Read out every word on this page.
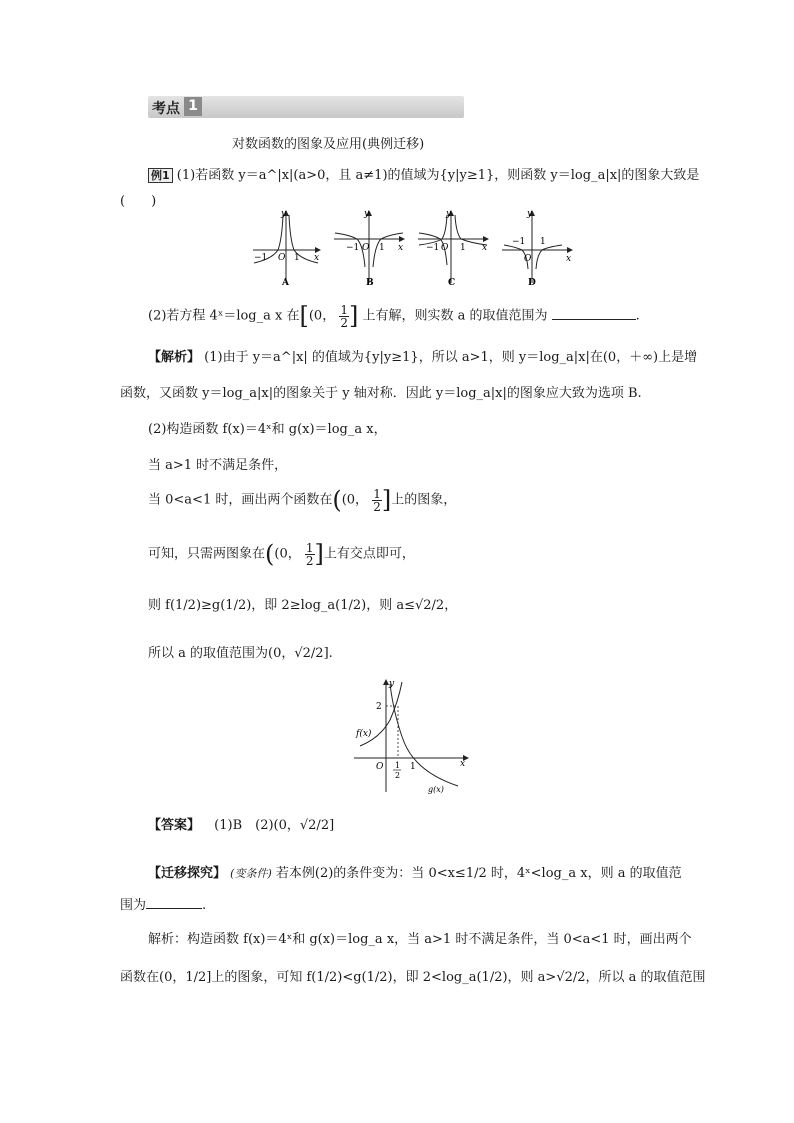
考点 1
对数函数的图象及应用(典例迁移)
例1 (1)若函数 y＝a^|x|(a>0，且 a≠1)的值域为{y|y≥1}，则函数 y＝log_a|x|的图象大致是
(　　)
y
−1 O 1 x
A
y
−1 O 1 x
B
y
−1 O 1 x
C
y
−1
O
1
x
D
(2)若方程 4ˣ＝log_a x 在[(0， $\frac{1}{2}$ ] 上有解，则实数 a 的取值范围为	.
【解析】 (1)由于 y＝a^|x| 的值域为{y|y≥1}，所以 a>1，则 y＝log_a|x|在(0，＋∞)上是增
函数，又函数 y＝log_a|x|的图象关于 y 轴对称．因此 y＝log_a|x|的图象应大致为选项 B.
(2)构造函数 f(x)＝4ˣ和 g(x)＝log_a x，
当 a>1 时不满足条件，
当 0<a<1 时，画出两个函数在((0， $\frac{1}{2}$ ]上的图象，
可知，只需两图象在((0， $\frac{1}{2}$ ]上有交点即可，
则 f(1/2)≥g(1/2)，即 2≥log_a(1/2)，则 a≤√2/2，
所以 a 的取值范围为(0，√2/2].
y
2
f(x)
O 1
2
1	x
g(x)
【答案】 (1)B　(2)(0，√2/2]
【迁移探究】 (变条件) 若本例(2)的条件变为：当 0<x≤1/2 时，4ˣ<log_a x，则 a 的取值范
围为	.
解析：构造函数 f(x)＝4ˣ和 g(x)＝log_a x，当 a>1 时不满足条件，当 0<a<1 时，画出两个
函数在(0，1/2]上的图象，可知 f(1/2)<g(1/2)，即 2<log_a(1/2)，则 a>√2/2，所以 a 的取值范围
